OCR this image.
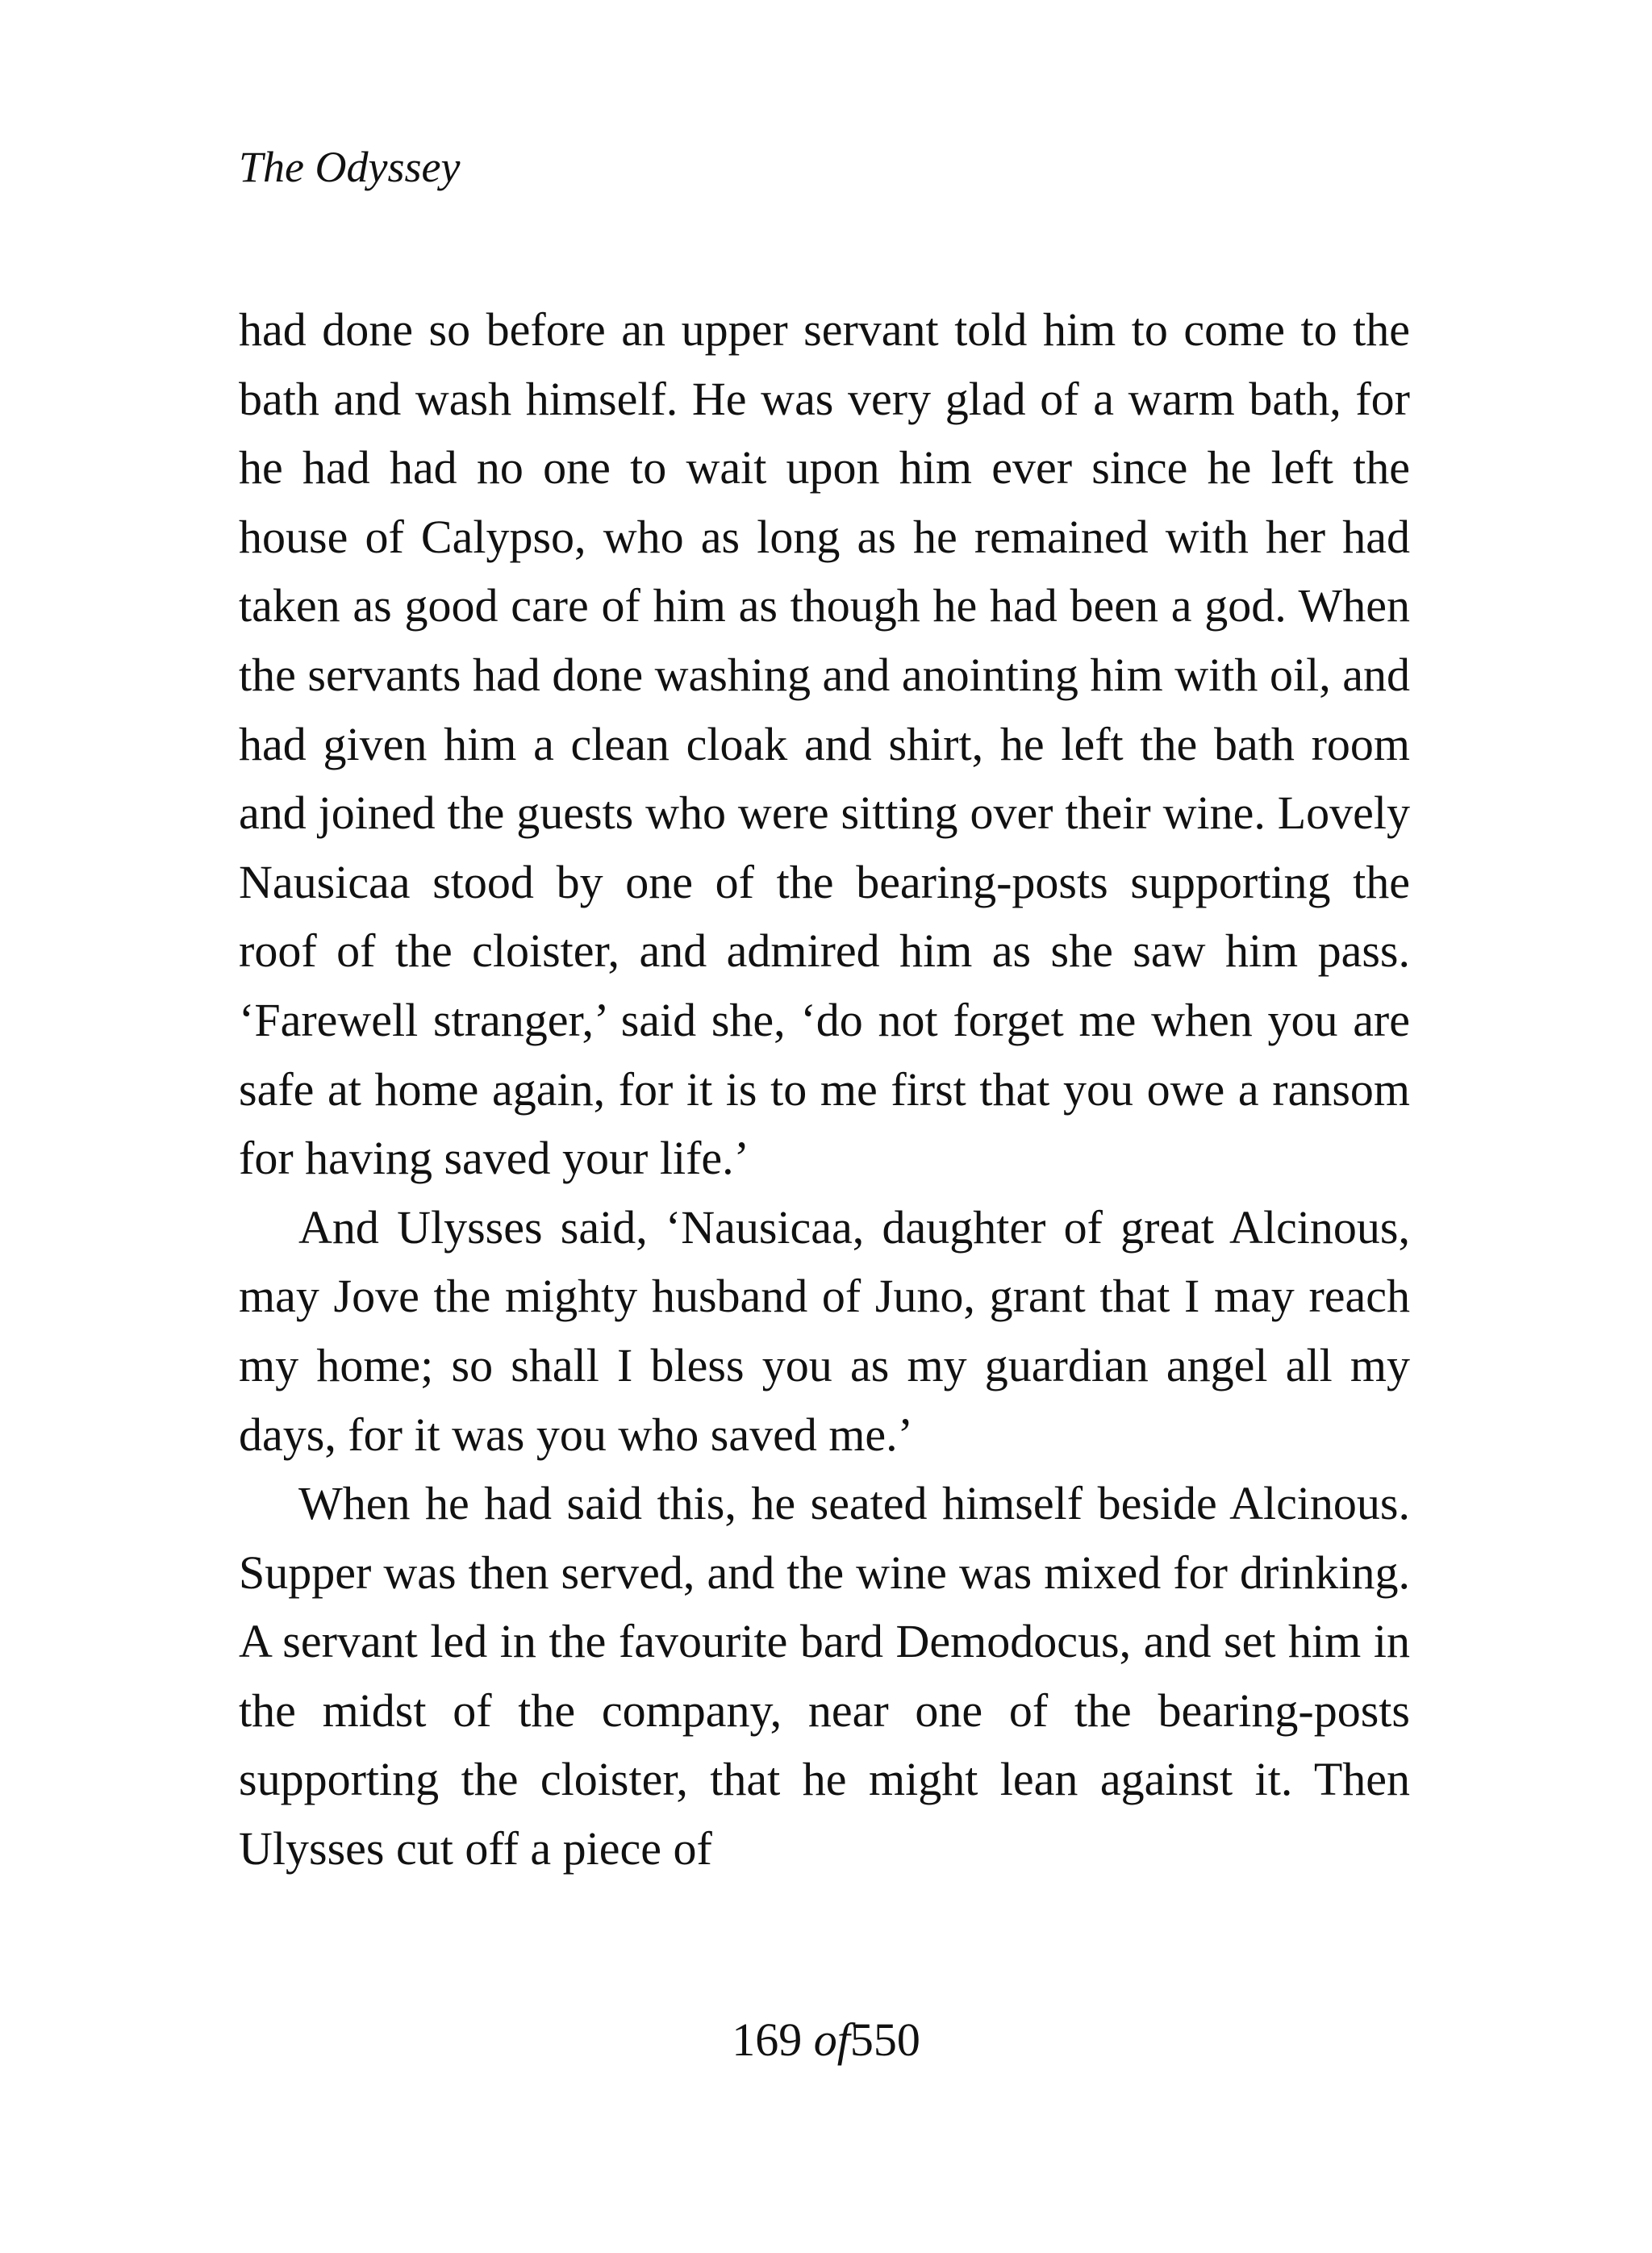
The Odyssey

had done so before an upper servant told him to come to the bath and wash himself. He was very glad of a warm bath, for he had had no one to wait upon him ever since he left the house of Calypso, who as long as he remained with her had taken as good care of him as though he had been a god. When the servants had done washing and anointing him with oil, and had given him a clean cloak and shirt, he left the bath room and joined the guests who were sitting over their wine. Lovely Nausicaa stood by one of the bearing-posts supporting the roof of the cloister, and admired him as she saw him pass. ‘Farewell stranger,’ said she, ‘do not forget me when you are safe at home again, for it is to me first that you owe a ransom for having saved your life.’

And Ulysses said, ‘Nausicaa, daughter of great Alcinous, may Jove the mighty husband of Juno, grant that I may reach my home; so shall I bless you as my guardian angel all my days, for it was you who saved me.’

When he had said this, he seated himself beside Alcinous. Supper was then served, and the wine was mixed for drinking. A servant led in the favourite bard Demodocus, and set him in the midst of the company, near one of the bearing-posts supporting the cloister, that he might lean against it. Then Ulysses cut off a piece of

169 of550
